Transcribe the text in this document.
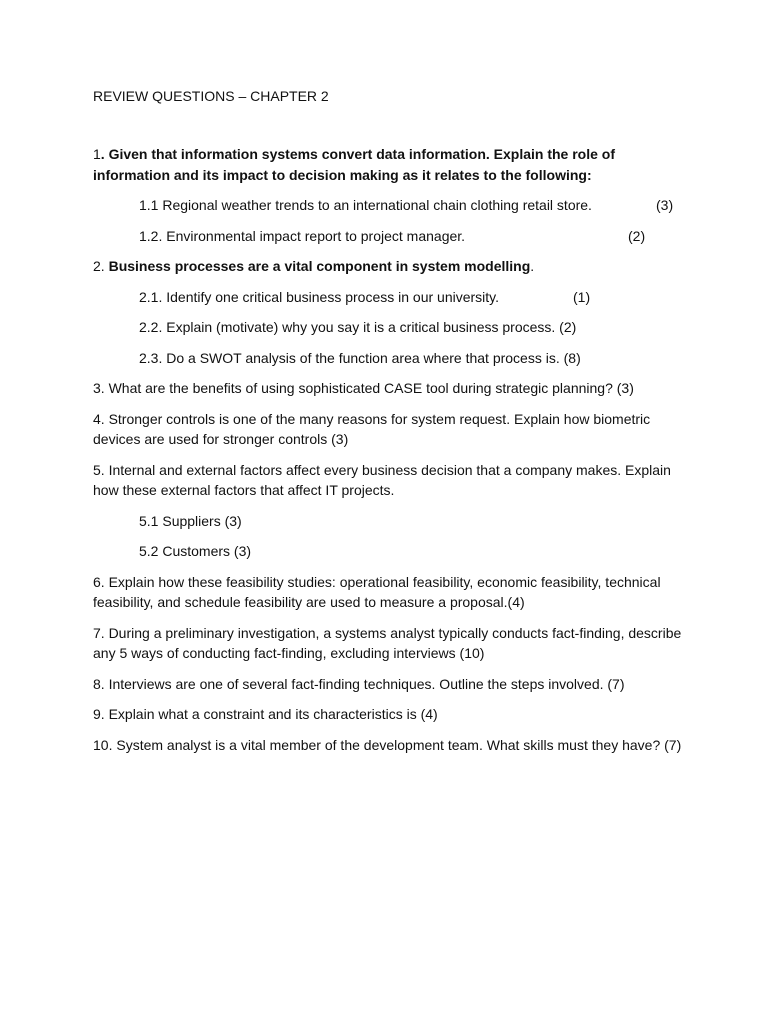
REVIEW QUESTIONS – CHAPTER 2

1. Given that information systems convert data information. Explain the role of information and its impact to decision making as it relates to the following:

1.1 Regional weather trends to an international chain clothing retail store.	(3)

1.2. Environmental impact report to project manager.	(2)

2. Business processes are a vital component in system modelling.

2.1. Identify one critical business process in our university.	(1)

2.2. Explain (motivate) why you say it is a critical business process. (2)

2.3. Do a SWOT analysis of the function area where that process is. (8)

3. What are the benefits of using sophisticated CASE tool during strategic planning? (3)

4. Stronger controls is one of the many reasons for system request. Explain how biometric devices are used for stronger controls (3)

5. Internal and external factors affect every business decision that a company makes. Explain how these external factors that affect IT projects.

5.1 Suppliers (3)

5.2 Customers (3)

6. Explain how these feasibility studies: operational feasibility, economic feasibility, technical feasibility, and schedule feasibility are used to measure a proposal.(4)

7. During a preliminary investigation, a systems analyst typically conducts fact-finding, describe any 5 ways of conducting fact-finding, excluding interviews (10)

8. Interviews are one of several fact-finding techniques. Outline the steps involved. (7)

9. Explain what a constraint and its characteristics is (4)

10. System analyst is a vital member of the development team. What skills must they have? (7)
